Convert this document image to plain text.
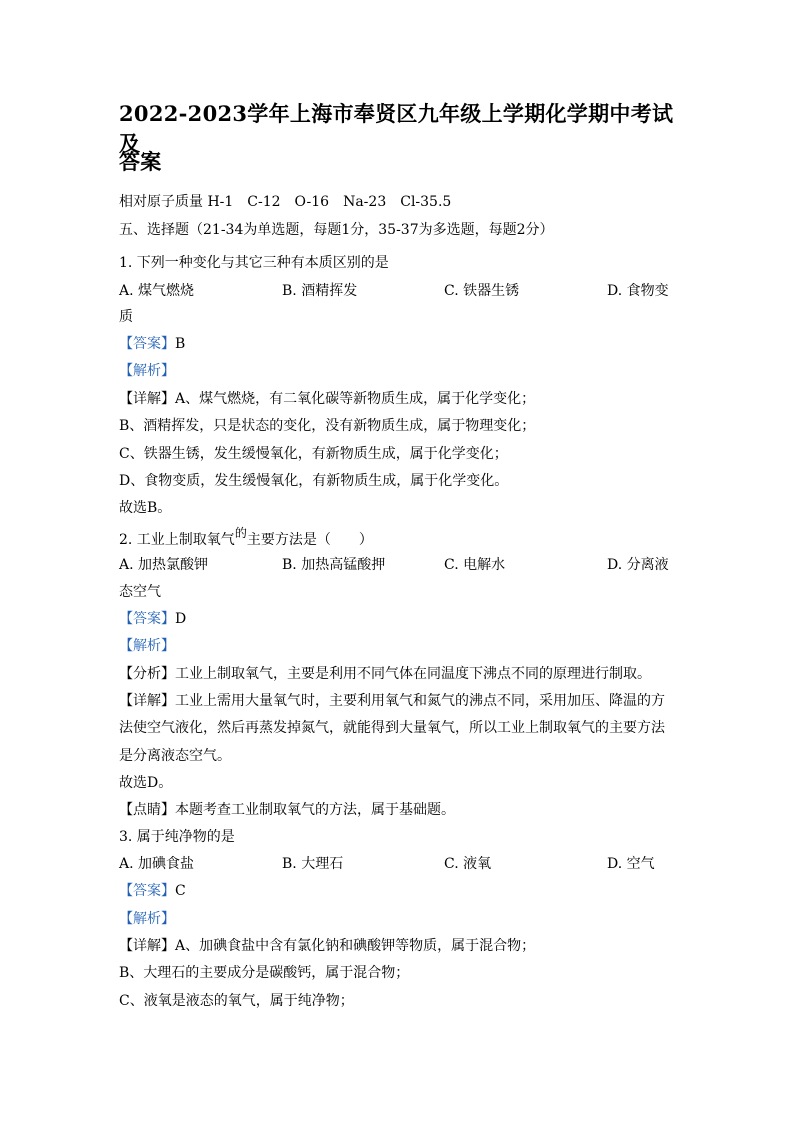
2022-2023学年上海市奉贤区九年级上学期化学期中考试及
答案
相对原子质量 H-1　C-12　O-16　Na-23　Cl-35.5
五、选择题（21-34为单选题，每题1分，35-37为多选题，每题2分）
1. 下列一种变化与其它三种有本质区别的是
A. 煤气燃烧	B. 酒精挥发	C. 铁器生锈	D. 食物变
质
【答案】B
【解析】
【详解】A、煤气燃烧，有二氧化碳等新物质生成，属于化学变化；
B、酒精挥发，只是状态的变化，没有新物质生成，属于物理变化；
C、铁器生锈，发生缓慢氧化，有新物质生成，属于化学变化；
D、食物变质，发生缓慢氧化，有新物质生成，属于化学变化。
故选B。
2. 工业上制取氧气的主要方法是（　　）
A. 加热氯酸钾	B. 加热高锰酸押	C. 电解水	D. 分离液
态空气
【答案】D
【解析】
【分析】工业上制取氧气，主要是利用不同气体在同温度下沸点不同的原理进行制取。
【详解】工业上需用大量氧气时，主要利用氧气和氮气的沸点不同，采用加压、降温的方
法使空气液化，然后再蒸发掉氮气，就能得到大量氧气，所以工业上制取氧气的主要方法
是分离液态空气。
故选D。
【点睛】本题考查工业制取氧气的方法，属于基础题。
3. 属于纯净物的是
A. 加碘食盐	B. 大理石	C. 液氧	D. 空气
【答案】C
【解析】
【详解】A、加碘食盐中含有氯化钠和碘酸钾等物质，属于混合物；
B、大理石的主要成分是碳酸钙，属于混合物；
C、液氧是液态的氧气，属于纯净物；
